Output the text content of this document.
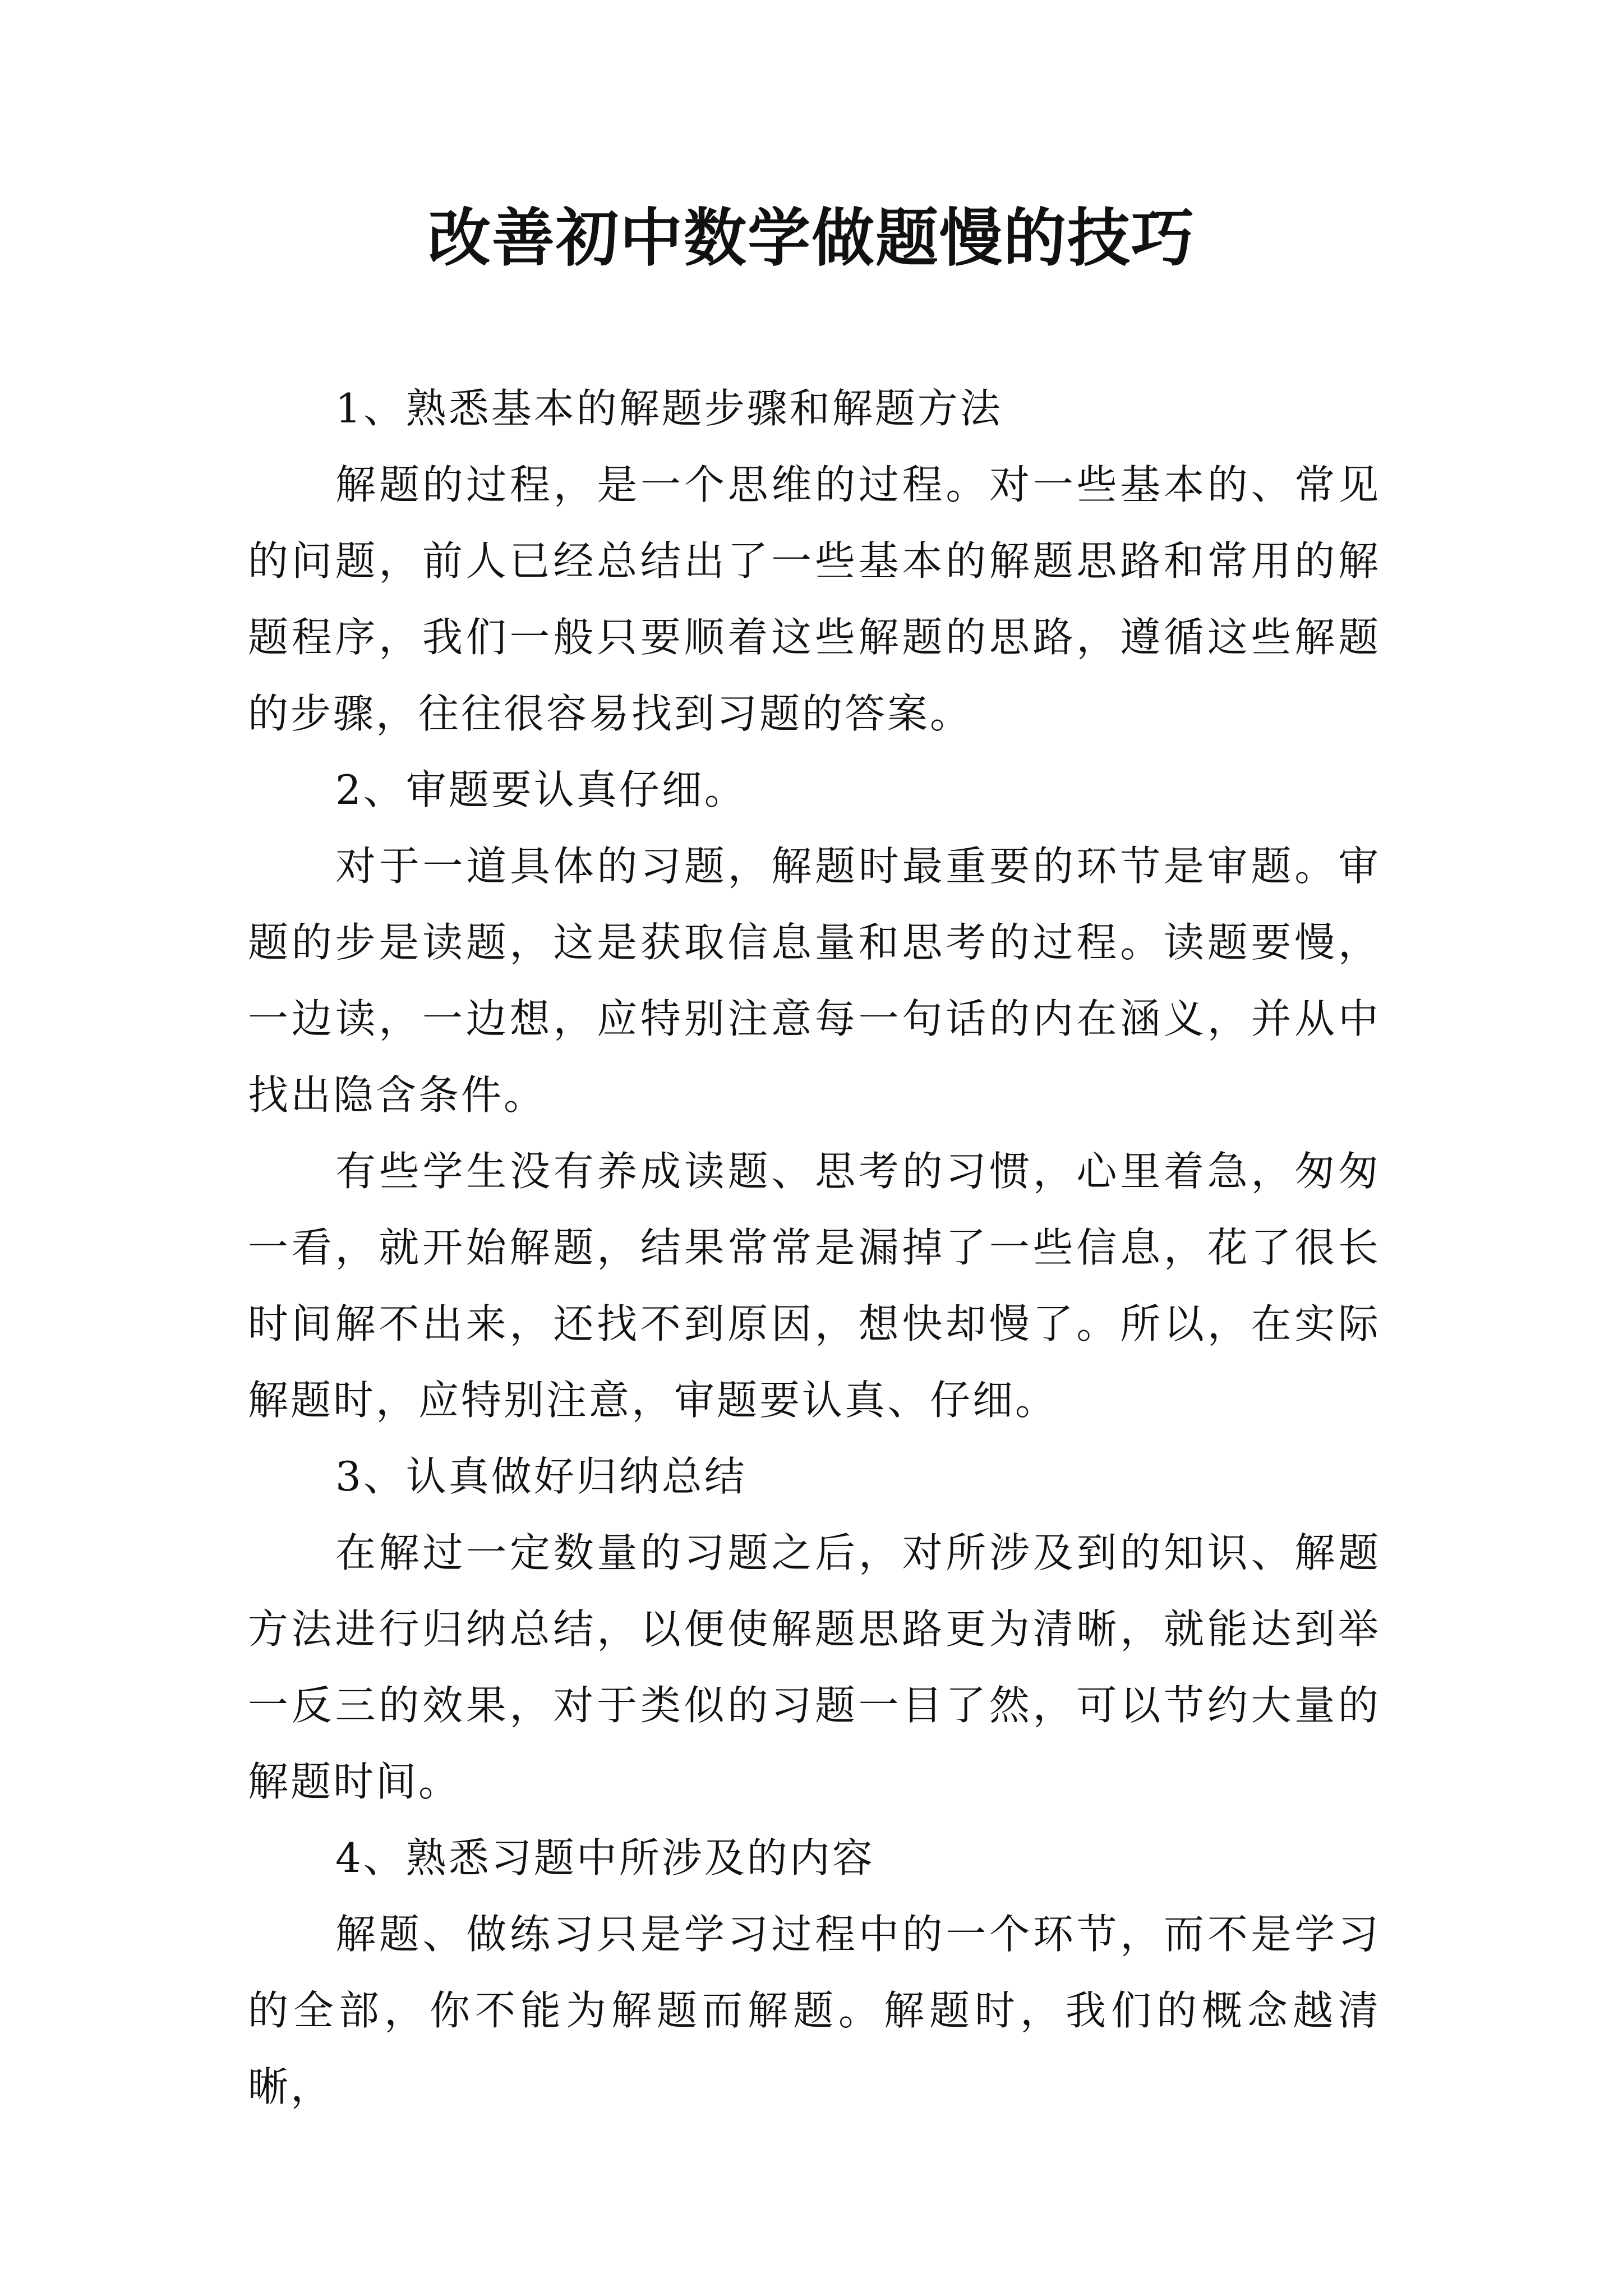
改善初中数学做题慢的技巧

1、熟悉基本的解题步骤和解题方法

解题的过程，是一个思维的过程。对一些基本的、常见的问题，前人已经总结出了一些基本的解题思路和常用的解题程序，我们一般只要顺着这些解题的思路，遵循这些解题的步骤，往往很容易找到习题的答案。

2、审题要认真仔细。

对于一道具体的习题，解题时最重要的环节是审题。审题的步是读题，这是获取信息量和思考的过程。读题要慢，一边读，一边想，应特别注意每一句话的内在涵义，并从中找出隐含条件。

有些学生没有养成读题、思考的习惯，心里着急，匆匆一看，就开始解题，结果常常是漏掉了一些信息，花了很长时间解不出来，还找不到原因，想快却慢了。所以，在实际解题时，应特别注意，审题要认真、仔细。

3、认真做好归纳总结

在解过一定数量的习题之后，对所涉及到的知识、解题方法进行归纳总结，以便使解题思路更为清晰，就能达到举一反三的效果，对于类似的习题一目了然，可以节约大量的解题时间。

4、熟悉习题中所涉及的内容

解题、做练习只是学习过程中的一个环节，而不是学习的全部，你不能为解题而解题。解题时，我们的概念越清晰，
